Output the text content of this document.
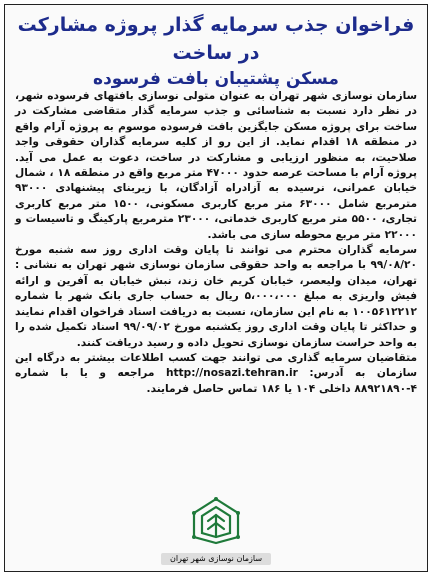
فراخوان جذب سرمایه گذار پروژه مشارکت در ساخت
مسکن پشتیبان بافت فرسوده

سازمان نوسازی شهر تهران به عنوان متولی نوسازی بافتهای فرسوده شهر، در نظر دارد نسبت به شناسائی و جذب سرمایه گذار متقاضی مشارکت در ساخت برای پروژه مسکن جایگزین بافت فرسوده موسوم به پروژه آرام واقع در منطقه ۱۸ اقدام نماید. از این رو از کلیه سرمایه گذاران حقوقی واجد صلاحیت، به منظور ارزیابی و مشارکت در ساخت، دعوت به عمل می آید. پروژه آرام با مساحت عرصه حدود ۴۷۰۰۰ متر مربع واقع در منطقه ۱۸ ، شمال خیابان عمرانی، نرسیده به آزادراه آزادگان، با زیربنای پیشنهادی ۹۳۰۰۰ مترمربع شامل ۶۳۰۰۰ متر مربع کاربری مسکونی، ۱۵۰۰ متر مربع کاربری تجاری، ۵۵۰۰ متر مربع کاربری خدماتی، ۲۳۰۰۰ مترمربع پارکینگ و تاسیسات و ۲۲۰۰۰ متر مربع محوطه سازی می باشد.

سرمایه گذاران محترم می توانند تا پایان وقت اداری روز سه شنبه مورخ ۹۹/۰۸/۲۰ با مراجعه به واحد حقوقی سازمان نوسازی شهر تهران به نشانی : تهران، میدان ولیعصر، خیابان کریم خان زند، نبش خیابان به آفرین و ارائه فیش واریزی به مبلغ ۵،۰۰۰،۰۰۰ ریال به حساب جاری بانک شهر با شماره ۱۰۰۵۶۱۲۲۱۲ به نام این سازمان، نسبت به دریافت اسناد فراخوان اقدام نمایند و حداکثر تا پایان وقت اداری روز یکشنبه مورخ ۹۹/۰۹/۰۲ اسناد تکمیل شده را به واحد حراست سازمان نوسازی تحویل داده و رسید دریافت کنند.

متقاضیان سرمایه گذاری می توانند جهت کسب اطلاعات بیشتر به درگاه این سازمان به آدرس: http://nosazi.tehran.ir مراجعه و یا با شماره ۴-۸۸۹۲۱۸۹۰ داخلی ۱۰۴ یا ۱۸۶ تماس حاصل فرمایند.

سازمان نوسازی شهر تهران
